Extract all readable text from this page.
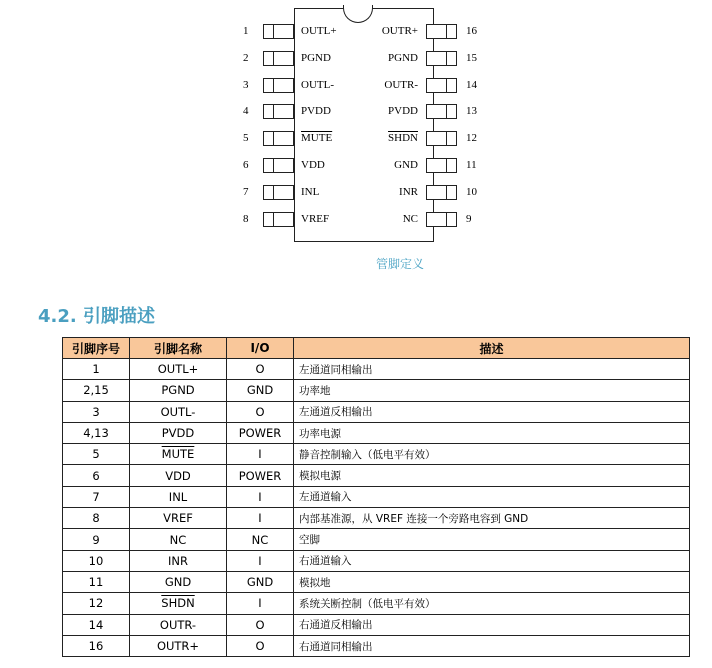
1	OUTL+
2	PGND
3	OUTL-
4	PVDD
5	MUTE
6	VDD
7	INL
8	VREF
16
OUTR+
15
PGND
14
OUTR-
13
PVDD
12
SHDN
11
GND
10
INR
9
NC
管脚定义
4.2. 引脚描述
引脚序号	引脚名称	I/O	描述
1	OUTL+	O	左通道同相输出
2,15	PGND	GND	功率地
3	OUTL-	O	左通道反相输出
4,13	PVDD	POWER	功率电源
5	MUTE	I	静音控制输入（低电平有效）
6	VDD	POWER	模拟电源
7	INL	I	左通道输入
8	VREF	I	内部基准源，从 VREF 连接一个旁路电容到 GND
9	NC	NC	空脚
10	INR	I	右通道输入
11	GND	GND	模拟地
12	SHDN	I	系统关断控制（低电平有效）
14	OUTR-	O	右通道反相输出
16	OUTR+	O	右通道同相输出
